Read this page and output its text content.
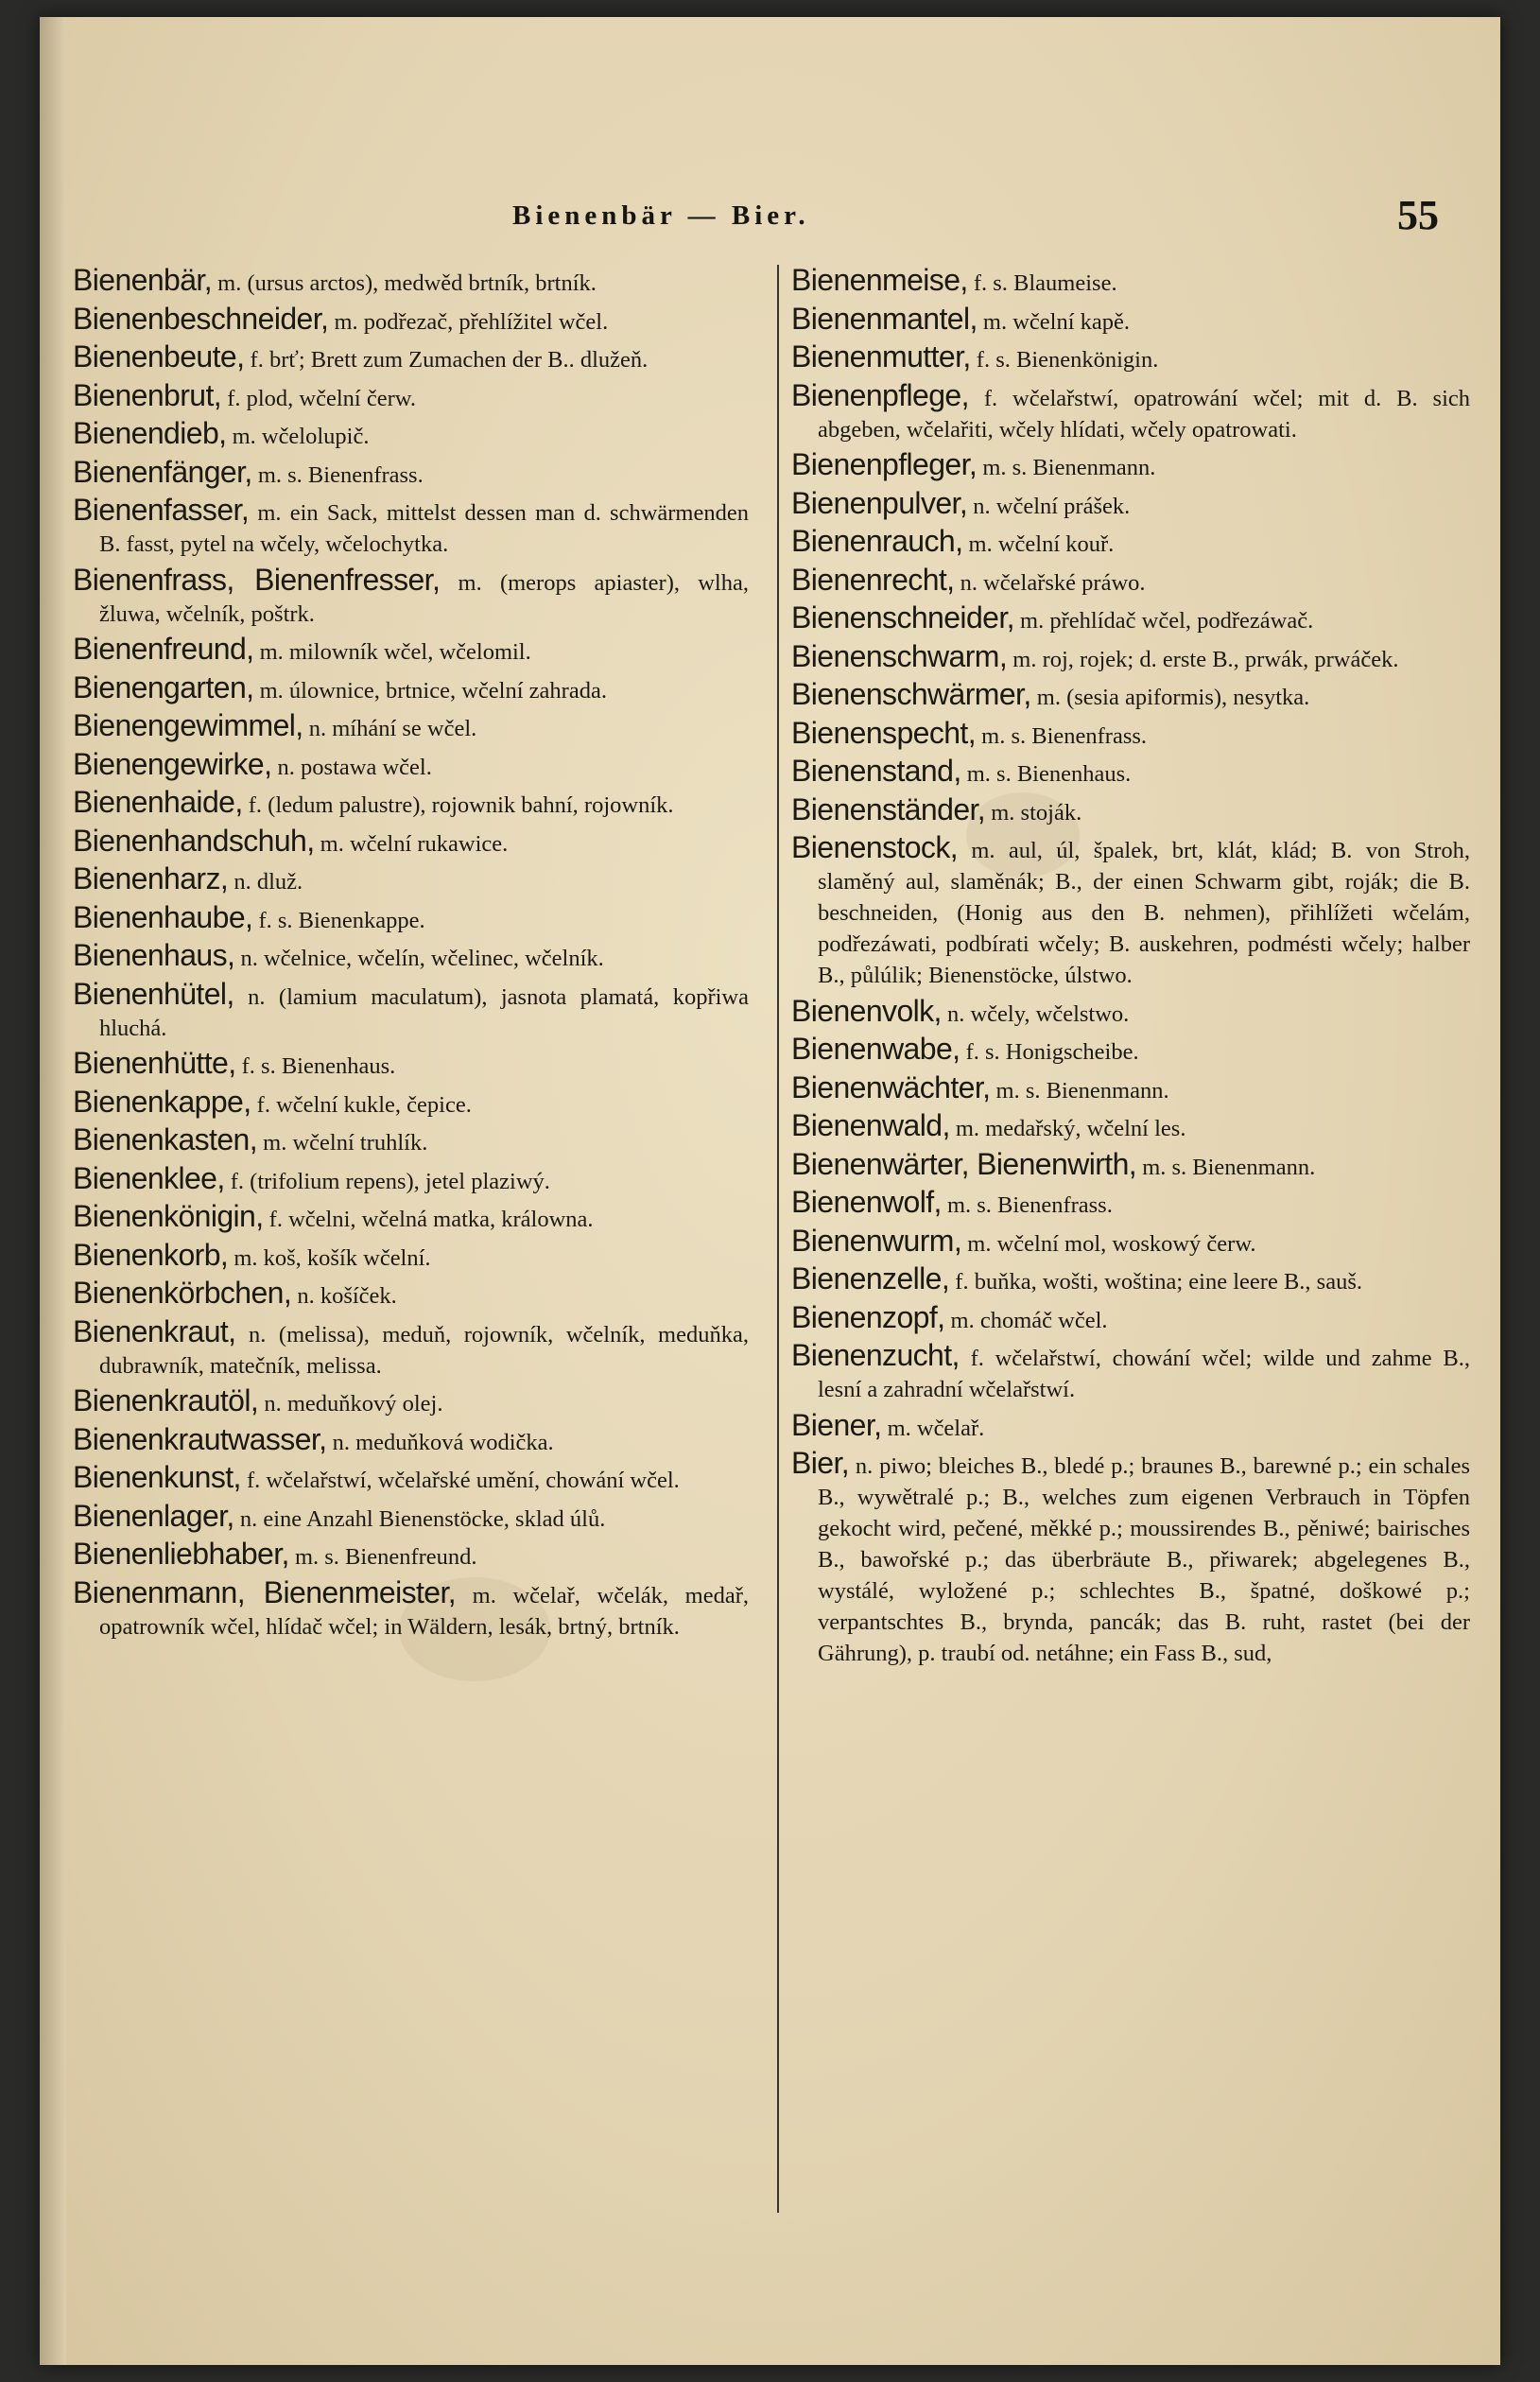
Bienenbär — Bier.	55

Bienenbär, m. (ursus arctos), medwěd brtník, brtník.

Bienenbeschneider, m. podřezač, přehlížitel wčel.

Bienenbeute, f. brť; Brett zum Zumachen der B.. dlužeň.

Bienenbrut, f. plod, wčelní čerw.

Bienendieb, m. wčelolupič.

Bienenfänger, m. s. Bienenfrass.

Bienenfasser, m. ein Sack, mittelst dessen man d. schwärmenden B. fasst, pytel na wčely, wčelochytka.

Bienenfrass, Bienenfresser, m. (merops apiaster), wlha, žluwa, wčelník, poštrk.

Bienenfreund, m. milowník wčel, wčelomil.

Bienengarten, m. úlownice, brtnice, wčelní zahrada.

Bienengewimmel, n. míhání se wčel.

Bienengewirke, n. postawa wčel.

Bienenhaide, f. (ledum palustre), rojownik bahní, rojowník.

Bienenhandschuh, m. wčelní rukawice.

Bienenharz, n. dluž.

Bienenhaube, f. s. Bienenkappe.

Bienenhaus, n. wčelnice, wčelín, wčelinec, wčelník.

Bienenhütel, n. (lamium maculatum), jasnota plamatá, kopřiwa hluchá.

Bienenhütte, f. s. Bienenhaus.

Bienenkappe, f. wčelní kukle, čepice.

Bienenkasten, m. wčelní truhlík.

Bienenklee, f. (trifolium repens), jetel plaziwý.

Bienenkönigin, f. wčelni, wčelná matka, králowna.

Bienenkorb, m. koš, košík wčelní.

Bienenkörbchen, n. košíček.

Bienenkraut, n. (melissa), meduň, rojowník, wčelník, meduňka, dubrawník, matečník, melissa.

Bienenkrautöl, n. meduňkový olej.

Bienenkrautwasser, n. meduňková wodička.

Bienenkunst, f. wčelařstwí, wčelařské umění, chowání wčel.

Bienenlager, n. eine Anzahl Bienenstöcke, sklad úlů.

Bienenliebhaber, m. s. Bienenfreund.

Bienenmann, Bienenmeister, m. wčelař, wčelák, medař, opatrowník wčel, hlídač wčel; in Wäldern, lesák, brtný, brtník.

Bienenmeise, f. s. Blaumeise.

Bienenmantel, m. wčelní kapě.

Bienenmutter, f. s. Bienenkönigin.

Bienenpflege, f. wčelařstwí, opatrowání wčel; mit d. B. sich abgeben, wčelařiti, wčely hlídati, wčely opatrowati.

Bienenpfleger, m. s. Bienenmann.

Bienenpulver, n. wčelní prášek.

Bienenrauch, m. wčelní kouř.

Bienenrecht, n. wčelařské práwo.

Bienenschneider, m. přehlídač wčel, podřezáwač.

Bienenschwarm, m. roj, rojek; d. erste B., prwák, prwáček.

Bienenschwärmer, m. (sesia apiformis), nesytka.

Bienenspecht, m. s. Bienenfrass.

Bienenstand, m. s. Bienenhaus.

Bienenständer, m. stoják.

Bienenstock, m. aul, úl, špalek, brt, klát, klád; B. von Stroh, slaměný aul, slaměnák; B., der einen Schwarm gibt, roják; die B. beschneiden, (Honig aus den B. nehmen), přihlížeti wčelám, podřezáwati, podbírati wčely; B. auskehren, podmésti wčely; halber B., půlúlik; Bienenstöcke, úlstwo.

Bienenvolk, n. wčely, wčelstwo.

Bienenwabe, f. s. Honigscheibe.

Bienenwächter, m. s. Bienenmann.

Bienenwald, m. medařský, wčelní les.

Bienenwärter, Bienenwirth, m. s. Bienenmann.

Bienenwolf, m. s. Bienenfrass.

Bienenwurm, m. wčelní mol, woskowý čerw.

Bienenzelle, f. buňka, wošti, woština; eine leere B., sauš.

Bienenzopf, m. chomáč wčel.

Bienenzucht, f. wčelařstwí, chowání wčel; wilde und zahme B., lesní a zahradní wčelařstwí.

Biener, m. wčelař.

Bier, n. piwo; bleiches B., bledé p.; braunes B., barewné p.; ein schales B., wywětralé p.; B., welches zum eigenen Verbrauch in Töpfen gekocht wird, pečené, měkké p.; moussirendes B., pěniwé; bairisches B., bawořské p.; das überbräute B., přiwarek; abgelegenes B., wystálé, wyložené p.; schlechtes B., špatné, doškowé p.; verpantschtes B., brynda, pancák; das B. ruht, rastet (bei der Gährung), p. traubí od. netáhne; ein Fass B., sud,
